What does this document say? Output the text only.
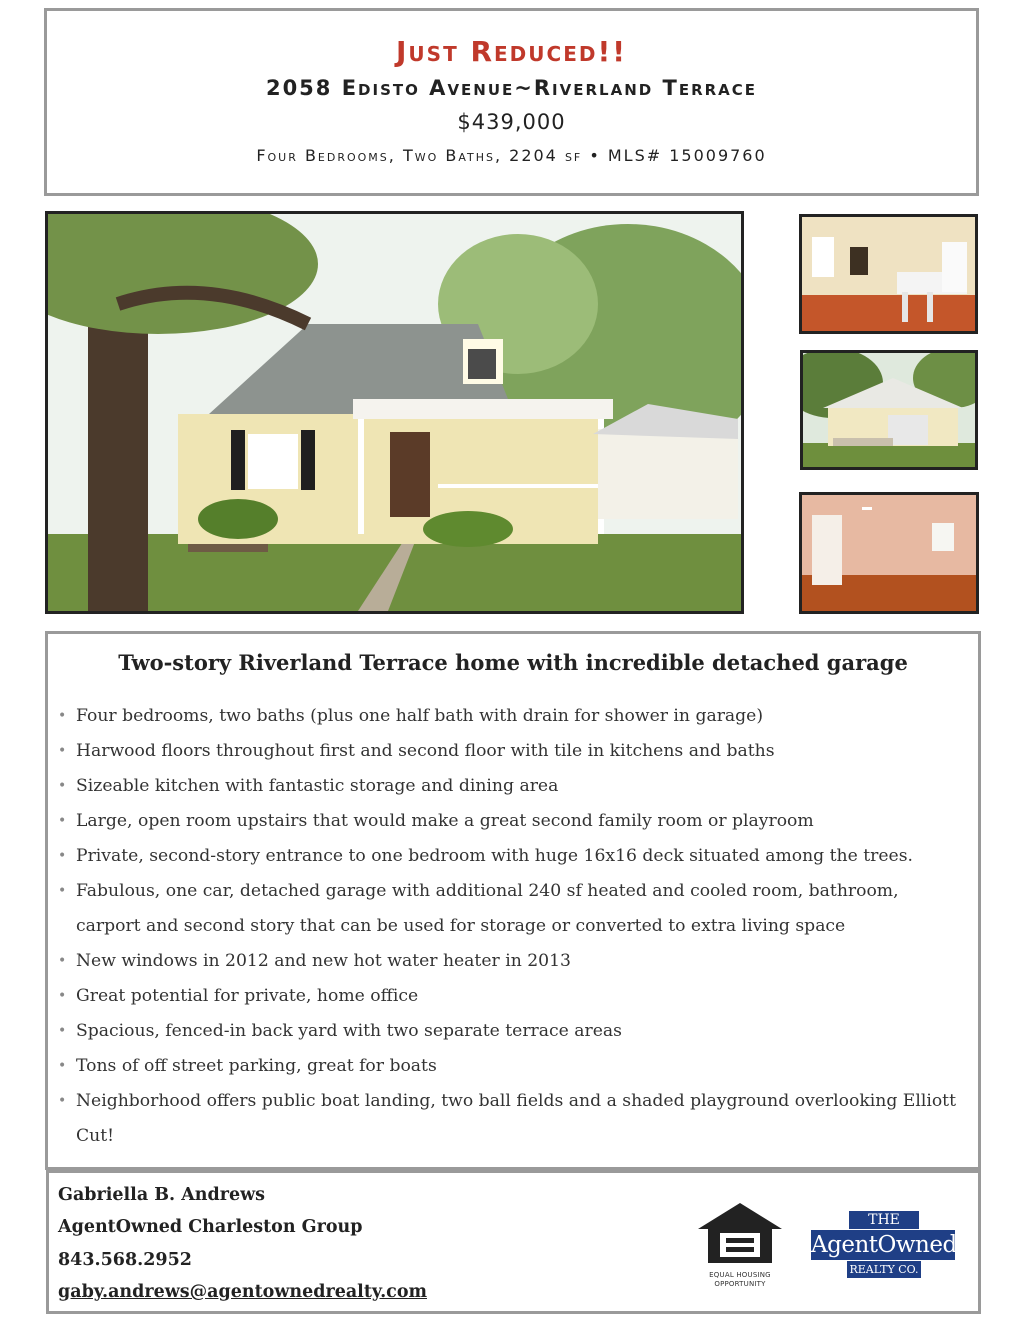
Just Reduced!!
2058 Edisto Avenue~Riverland Terrace
$439,000
Four Bedrooms, Two Baths, 2204 sf • MLS# 15009760
Two-story Riverland Terrace home with incredible detached garage
• Four bedrooms, two baths (plus one half bath with drain for shower in garage)
• Harwood floors throughout first and second floor with tile in kitchens and baths
• Sizeable kitchen with fantastic storage and dining area
• Large, open room upstairs that would make a great second family room or playroom
• Private, second-story entrance to one bedroom with huge 16x16 deck situated among the trees.
• Fabulous, one car, detached garage with additional 240 sf heated and cooled room, bathroom, carport and second story that can be used for storage or converted to extra living space
• New windows in 2012 and new hot water heater in 2013
• Great potential for private, home office
• Spacious, fenced-in back yard with two separate terrace areas
• Tons of off street parking, great for boats
• Neighborhood offers public boat landing, two ball fields and a shaded playground overlooking Elliott Cut!
Gabriella B. Andrews
AgentOwned Charleston Group
843.568.2952
gaby.andrews@agentownedrealty.com
EQUAL HOUSING
OPPORTUNITY
THE
AgentOwned
REALTY CO.
